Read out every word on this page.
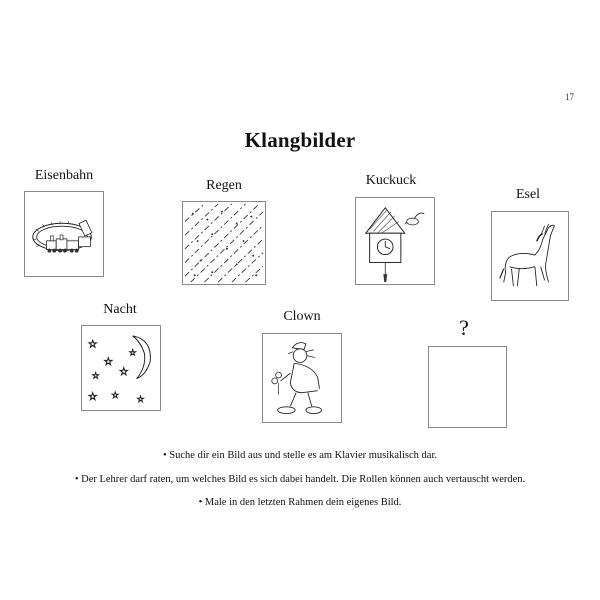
17
Klangbilder
Eisenbahn
Regen	Kuckuck
Esel
Nacht
☆
☆
☆
☆
☆
☆ ☆ ☆
Clown	?
• Suche dir ein Bild aus und stelle es am Klavier musikalisch dar.
• Der Lehrer darf raten, um welches Bild es sich dabei handelt. Die Rollen können auch vertauscht werden.
• Male in den letzten Rahmen dein eigenes Bild.
